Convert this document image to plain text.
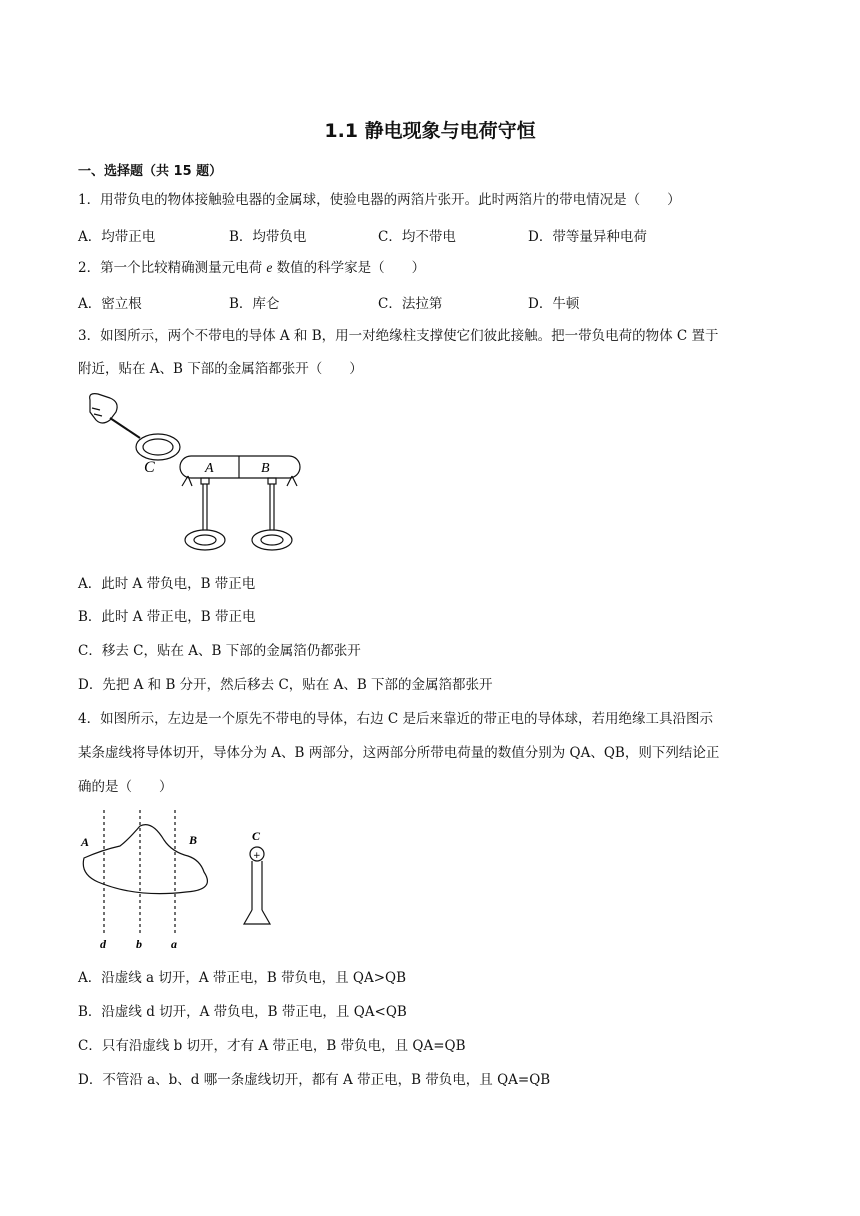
1.1 静电现象与电荷守恒
一、选择题（共 15 题）
1．用带负电的物体接触验电器的金属球，使验电器的两箔片张开。此时两箔片的带电情况是（　　）
A．均带正电	B．均带负电	C．均不带电	D．带等量异种电荷
2．第一个比较精确测量元电荷 e 数值的科学家是（　　）
A．密立根	B．库仑	C．法拉第	D．牛顿
3．如图所示，两个不带电的导体 A 和 B，用一对绝缘柱支撑使它们彼此接触。把一带负电荷的物体 C 置于
附近，贴在 A、B 下部的金属箔都张开（　　）
C	A	B
A．此时 A 带负电，B 带正电
B．此时 A 带正电，B 带正电
C．移去 C，贴在 A、B 下部的金属箔仍都张开
D．先把 A 和 B 分开，然后移去 C，贴在 A、B 下部的金属箔都张开
4．如图所示，左边是一个原先不带电的导体，右边 C 是后来靠近的带正电的导体球，若用绝缘工具沿图示
某条虚线将导体切开，导体分为 A、B 两部分，这两部分所带电荷量的数值分别为 QA、QB，则下列结论正
确的是（　　）
A	B	C
d	b a
+
A．沿虚线 a 切开，A 带正电，B 带负电，且 QA>QB
B．沿虚线 d 切开，A 带负电，B 带正电，且 QA<QB
C．只有沿虚线 b 切开，才有 A 带正电，B 带负电，且 QA=QB
D．不管沿 a、b、d 哪一条虚线切开，都有 A 带正电，B 带负电，且 QA=QB
